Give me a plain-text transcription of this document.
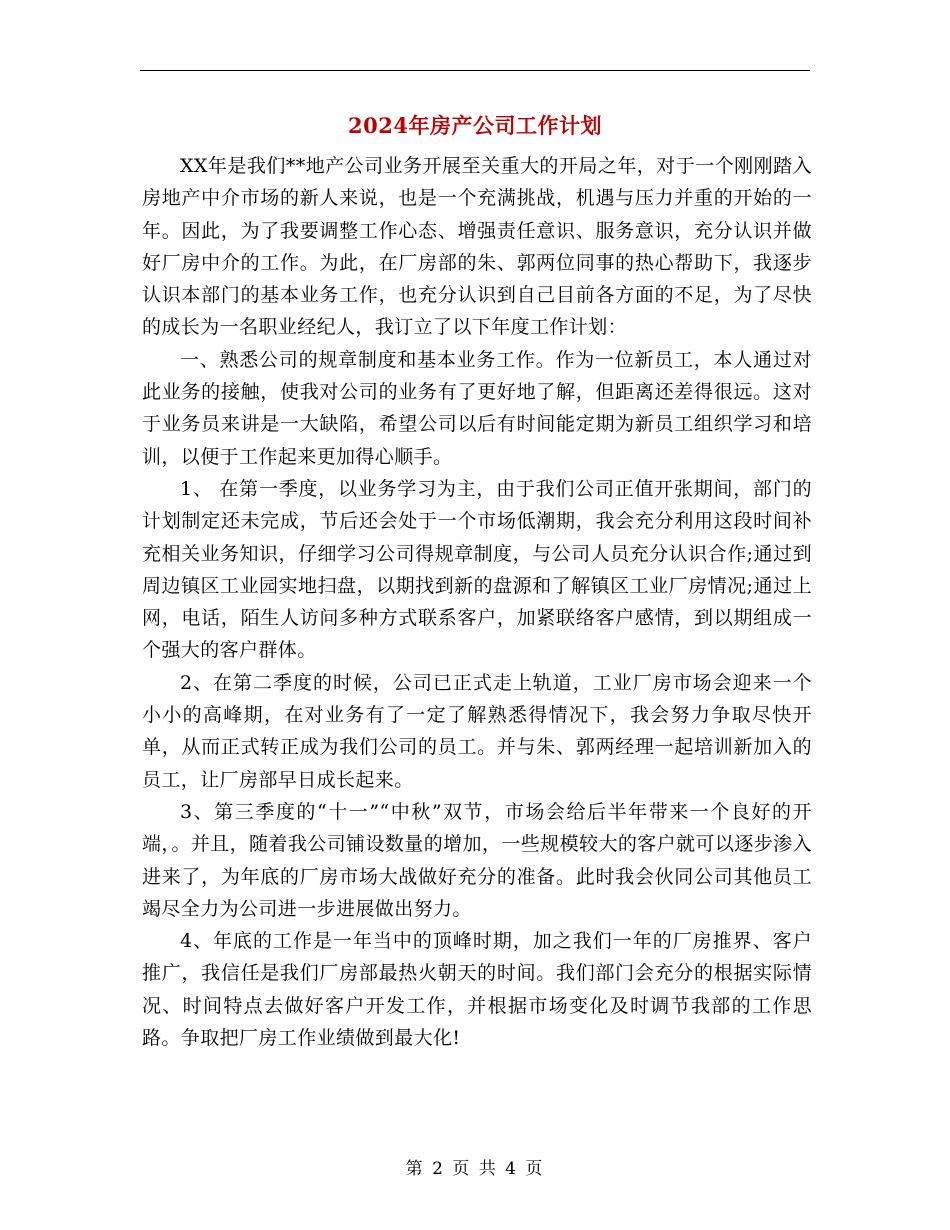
2024年房产公司工作计划

XX年是我们**地产公司业务开展至关重大的开局之年，对于一个刚刚踏入房地产中介市场的新人来说，也是一个充满挑战，机遇与压力并重的开始的一年。因此，为了我要调整工作心态、增强责任意识、服务意识，充分认识并做好厂房中介的工作。为此，在厂房部的朱、郭两位同事的热心帮助下，我逐步认识本部门的基本业务工作，也充分认识到自己目前各方面的不足，为了尽快的成长为一名职业经纪人，我订立了以下年度工作计划：

一、熟悉公司的规章制度和基本业务工作。作为一位新员工，本人通过对此业务的接触，使我对公司的业务有了更好地了解，但距离还差得很远。这对于业务员来讲是一大缺陷，希望公司以后有时间能定期为新员工组织学习和培训，以便于工作起来更加得心顺手。

1、 在第一季度，以业务学习为主，由于我们公司正值开张期间，部门的计划制定还未完成，节后还会处于一个市场低潮期，我会充分利用这段时间补充相关业务知识，仔细学习公司得规章制度，与公司人员充分认识合作;通过到周边镇区工业园实地扫盘，以期找到新的盘源和了解镇区工业厂房情况;通过上网，电话，陌生人访问多种方式联系客户，加紧联络客户感情，到以期组成一个强大的客户群体。

2、在第二季度的时候，公司已正式走上轨道，工业厂房市场会迎来一个小小的高峰期，在对业务有了一定了解熟悉得情况下，我会努力争取尽快开单，从而正式转正成为我们公司的员工。并与朱、郭两经理一起培训新加入的员工，让厂房部早日成长起来。

3、第三季度的“十一”“中秋”双节，市场会给后半年带来一个良好的开端，。并且，随着我公司铺设数量的增加，一些规模较大的客户就可以逐步渗入进来了，为年底的厂房市场大战做好充分的准备。此时我会伙同公司其他员工竭尽全力为公司进一步进展做出努力。

4、年底的工作是一年当中的顶峰时期，加之我们一年的厂房推界、客户推广，我信任是我们厂房部最热火朝天的时间。我们部门会充分的根据实际情况、时间特点去做好客户开发工作，并根据市场变化及时调节我部的工作思路。争取把厂房工作业绩做到最大化!

第 2 页 共 4 页
